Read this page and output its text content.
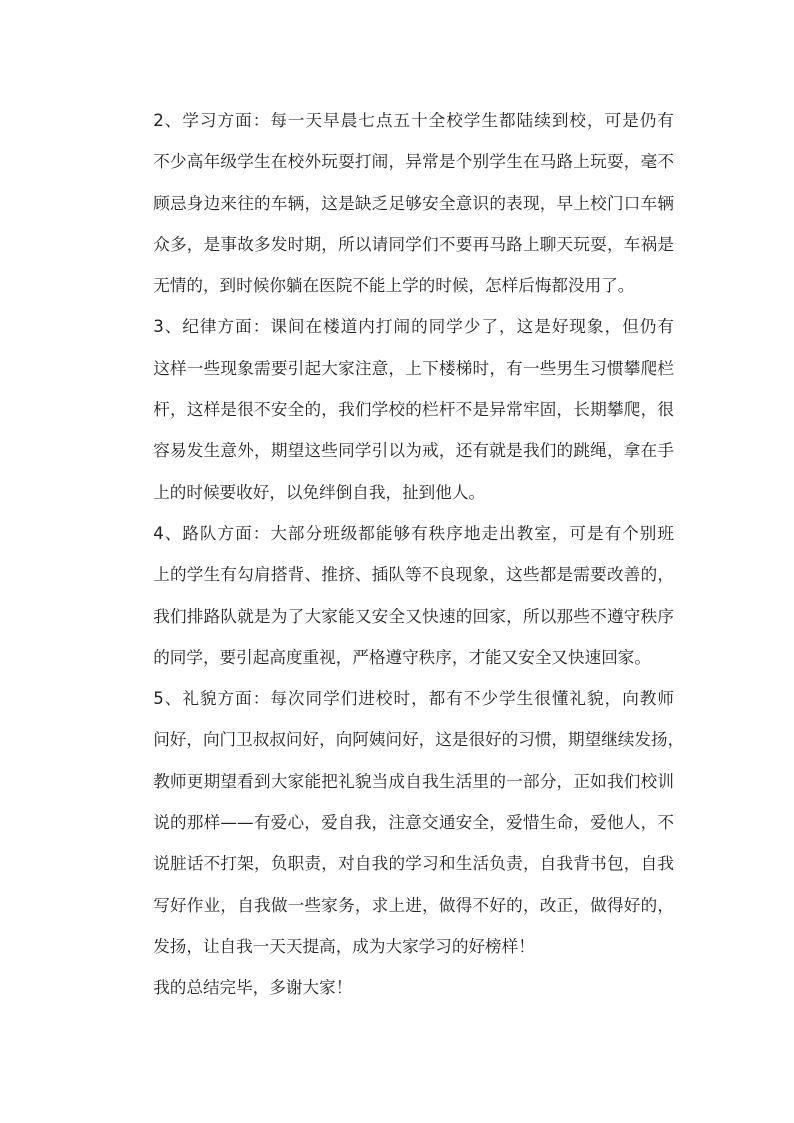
2、学习方面：每一天早晨七点五十全校学生都陆续到校，可是仍有
不少高年级学生在校外玩耍打闹，异常是个别学生在马路上玩耍，毫不
顾忌身边来往的车辆，这是缺乏足够安全意识的表现，早上校门口车辆
众多，是事故多发时期，所以请同学们不要再马路上聊天玩耍，车祸是
无情的，到时候你躺在医院不能上学的时候，怎样后悔都没用了。
3、纪律方面：课间在楼道内打闹的同学少了，这是好现象，但仍有
这样一些现象需要引起大家注意，上下楼梯时，有一些男生习惯攀爬栏
杆，这样是很不安全的，我们学校的栏杆不是异常牢固，长期攀爬，很
容易发生意外，期望这些同学引以为戒，还有就是我们的跳绳，拿在手
上的时候要收好，以免绊倒自我，扯到他人。
4、路队方面：大部分班级都能够有秩序地走出教室，可是有个别班
上的学生有勾肩搭背、推挤、插队等不良现象，这些都是需要改善的，
我们排路队就是为了大家能又安全又快速的回家，所以那些不遵守秩序
的同学，要引起高度重视，严格遵守秩序，才能又安全又快速回家。
5、礼貌方面：每次同学们进校时，都有不少学生很懂礼貌，向教师
问好，向门卫叔叔问好，向阿姨问好，这是很好的习惯，期望继续发扬，
教师更期望看到大家能把礼貌当成自我生活里的一部分，正如我们校训
说的那样——有爱心，爱自我，注意交通安全，爱惜生命，爱他人，不
说脏话不打架，负职责，对自我的学习和生活负责，自我背书包，自我
写好作业，自我做一些家务，求上进，做得不好的，改正，做得好的，
发扬，让自我一天天提高，成为大家学习的好榜样！
我的总结完毕，多谢大家！
